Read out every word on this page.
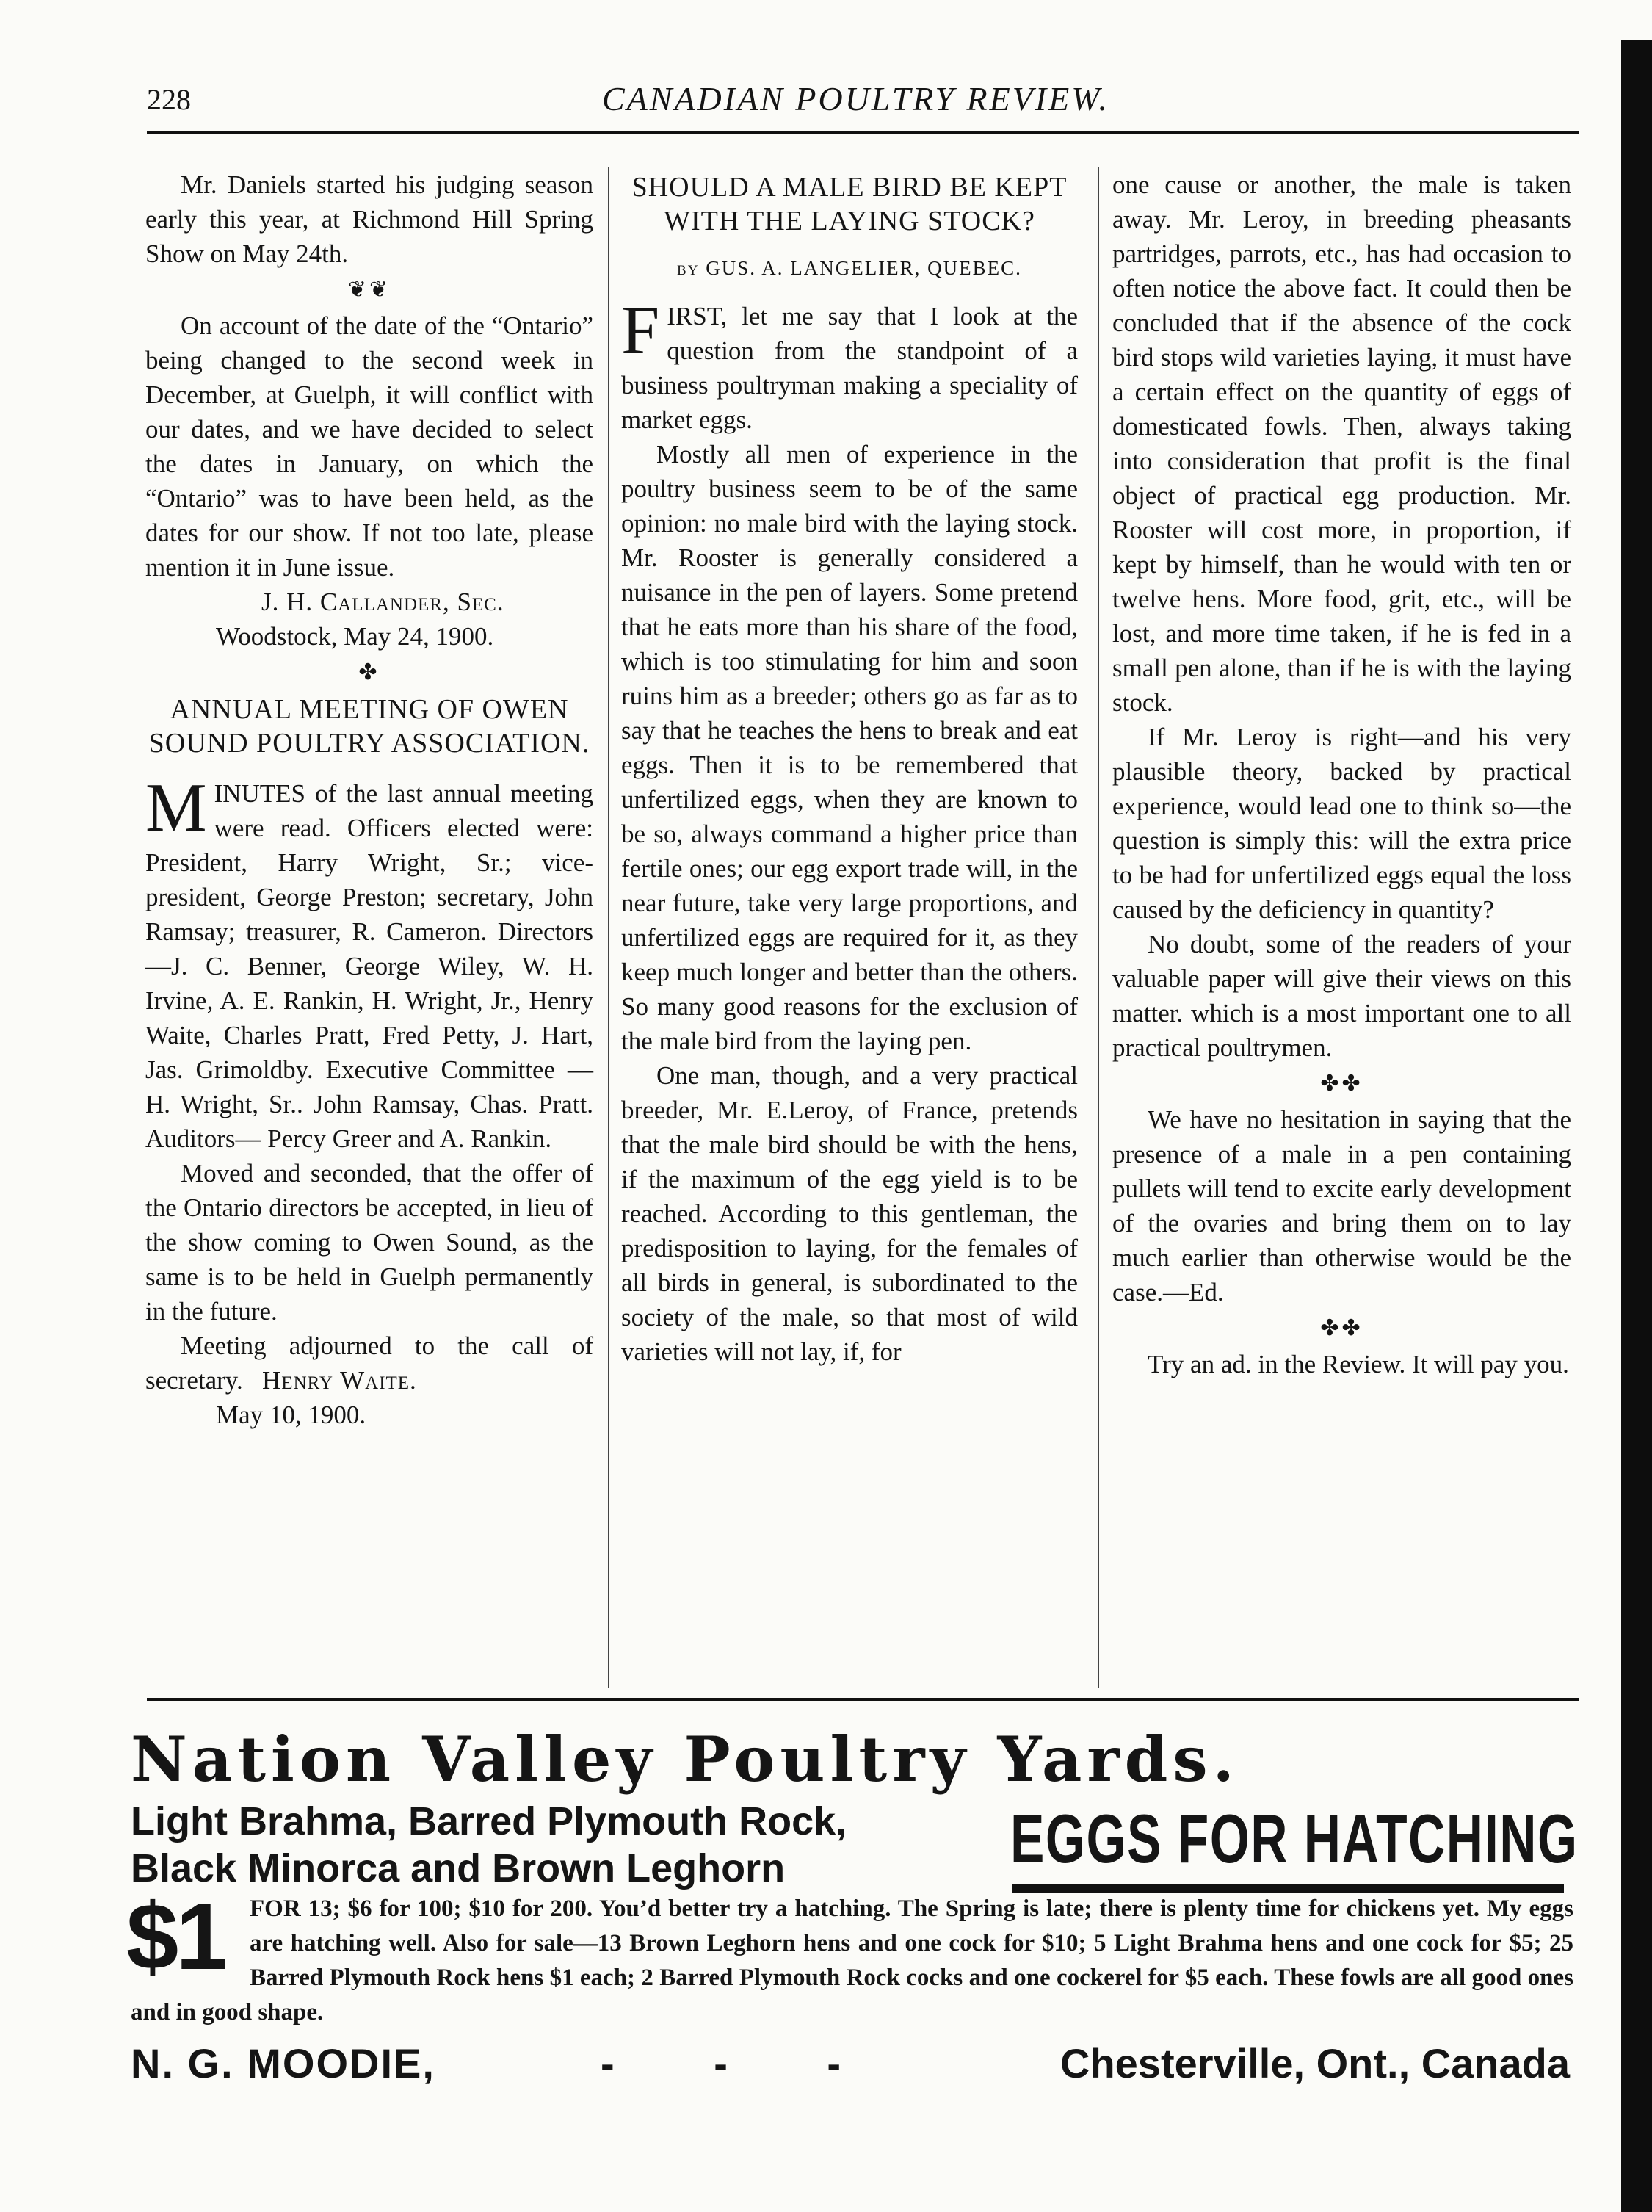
228	CANADIAN POULTRY REVIEW.

Mr. Daniels started his judging season early this year, at Richmond Hill Spring Show on May 24th.

❦❦

On account of the date of the “Ontario” being changed to the second week in December, at Guelph, it will conflict with our dates, and we have decided to select the dates in January, on which the “Ontario” was to have been held, as the dates for our show. If not too late, please mention it in June issue.

J. H. Callander, Sec.

Woodstock, May 24, 1900.

✤
ANNUAL MEETING OF OWEN SOUND POULTRY ASSOCIATION.

MINUTES of the last annual meeting were read. Officers elected were: President, Harry Wright, Sr.; vice-president, George Preston; secretary, John Ramsay; treasurer, R. Cameron. Directors—J. C. Benner, George Wiley, W. H. Irvine, A. E. Rankin, H. Wright, Jr., Henry Waite, Charles Pratt, Fred Petty, J. Hart, Jas. Grimoldby. Executive Committee — H. Wright, Sr.. John Ramsay, Chas. Pratt. Auditors— Percy Greer and A. Rankin.

Moved and seconded, that the offer of the Ontario directors be accepted, in lieu of the show coming to Owen Sound, as the same is to be held in Guelph permanently in the future.

Meeting adjourned to the call of secretary. Henry Waite.

May 10, 1900.

SHOULD A MALE BIRD BE KEPT WITH THE LAYING STOCK?
by GUS. A. LANGELIER, QUEBEC.

FIRST, let me say that I look at the question from the standpoint of a business poultryman making a speciality of market eggs.

Mostly all men of experience in the poultry business seem to be of the same opinion: no male bird with the laying stock. Mr. Rooster is generally considered a nuisance in the pen of layers. Some pretend that he eats more than his share of the food, which is too stimulating for him and soon ruins him as a breeder; others go as far as to say that he teaches the hens to break and eat eggs. Then it is to be remembered that unfertilized eggs, when they are known to be so, always command a higher price than fertile ones; our egg export trade will, in the near future, take very large proportions, and unfertilized eggs are required for it, as they keep much longer and better than the others. So many good reasons for the exclusion of the male bird from the laying pen.

One man, though, and a very practical breeder, Mr. E.Leroy, of France, pretends that the male bird should be with the hens, if the maximum of the egg yield is to be reached. According to this gentleman, the predisposition to laying, for the females of all birds in general, is subordinated to the society of the male, so that most of wild varieties will not lay, if, for

one cause or another, the male is taken away. Mr. Leroy, in breeding pheasants partridges, parrots, etc., has had occasion to often notice the above fact. It could then be concluded that if the absence of the cock bird stops wild varieties laying, it must have a certain effect on the quantity of eggs of domesticated fowls. Then, always taking into consideration that profit is the final object of practical egg production. Mr. Rooster will cost more, in proportion, if kept by himself, than he would with ten or twelve hens. More food, grit, etc., will be lost, and more time taken, if he is fed in a small pen alone, than if he is with the laying stock.

If Mr. Leroy is right—and his very plausible theory, backed by practical experience, would lead one to think so—the question is simply this: will the extra price to be had for unfertilized eggs equal the loss caused by the deficiency in quantity?

No doubt, some of the readers of your valuable paper will give their views on this matter. which is a most important one to all practical poultrymen.

✤✤

We have no hesitation in saying that the presence of a male in a pen containing pullets will tend to excite early development of the ovaries and bring them on to lay much earlier than otherwise would be the case.—Ed.

✤✤

Try an ad. in the Review. It will pay you.

Nation Valley Poultry Yards.
Light Brahma, Barred Plymouth Rock,
Black Minorca and Brown Leghorn	EGGS FOR HATCHING
FOR 13; $6 for 100; $10 for 200. You’d better try a hatching. The Spring is late; there is plenty time for chickens yet. My eggs are hatching well. Also for sale—13 Brown Leghorn hens and one cock for $10; 5 Light Brahma hens and one cock for $5; 25 Barred Plymouth Rock hens $1 each; 2 Barred Plymouth Rock cocks and one cockerel for $5 each. These fowls are all good ones and in good shape.
$1
N. G. MOODIE,	- - -	Chesterville, Ont., Canada
